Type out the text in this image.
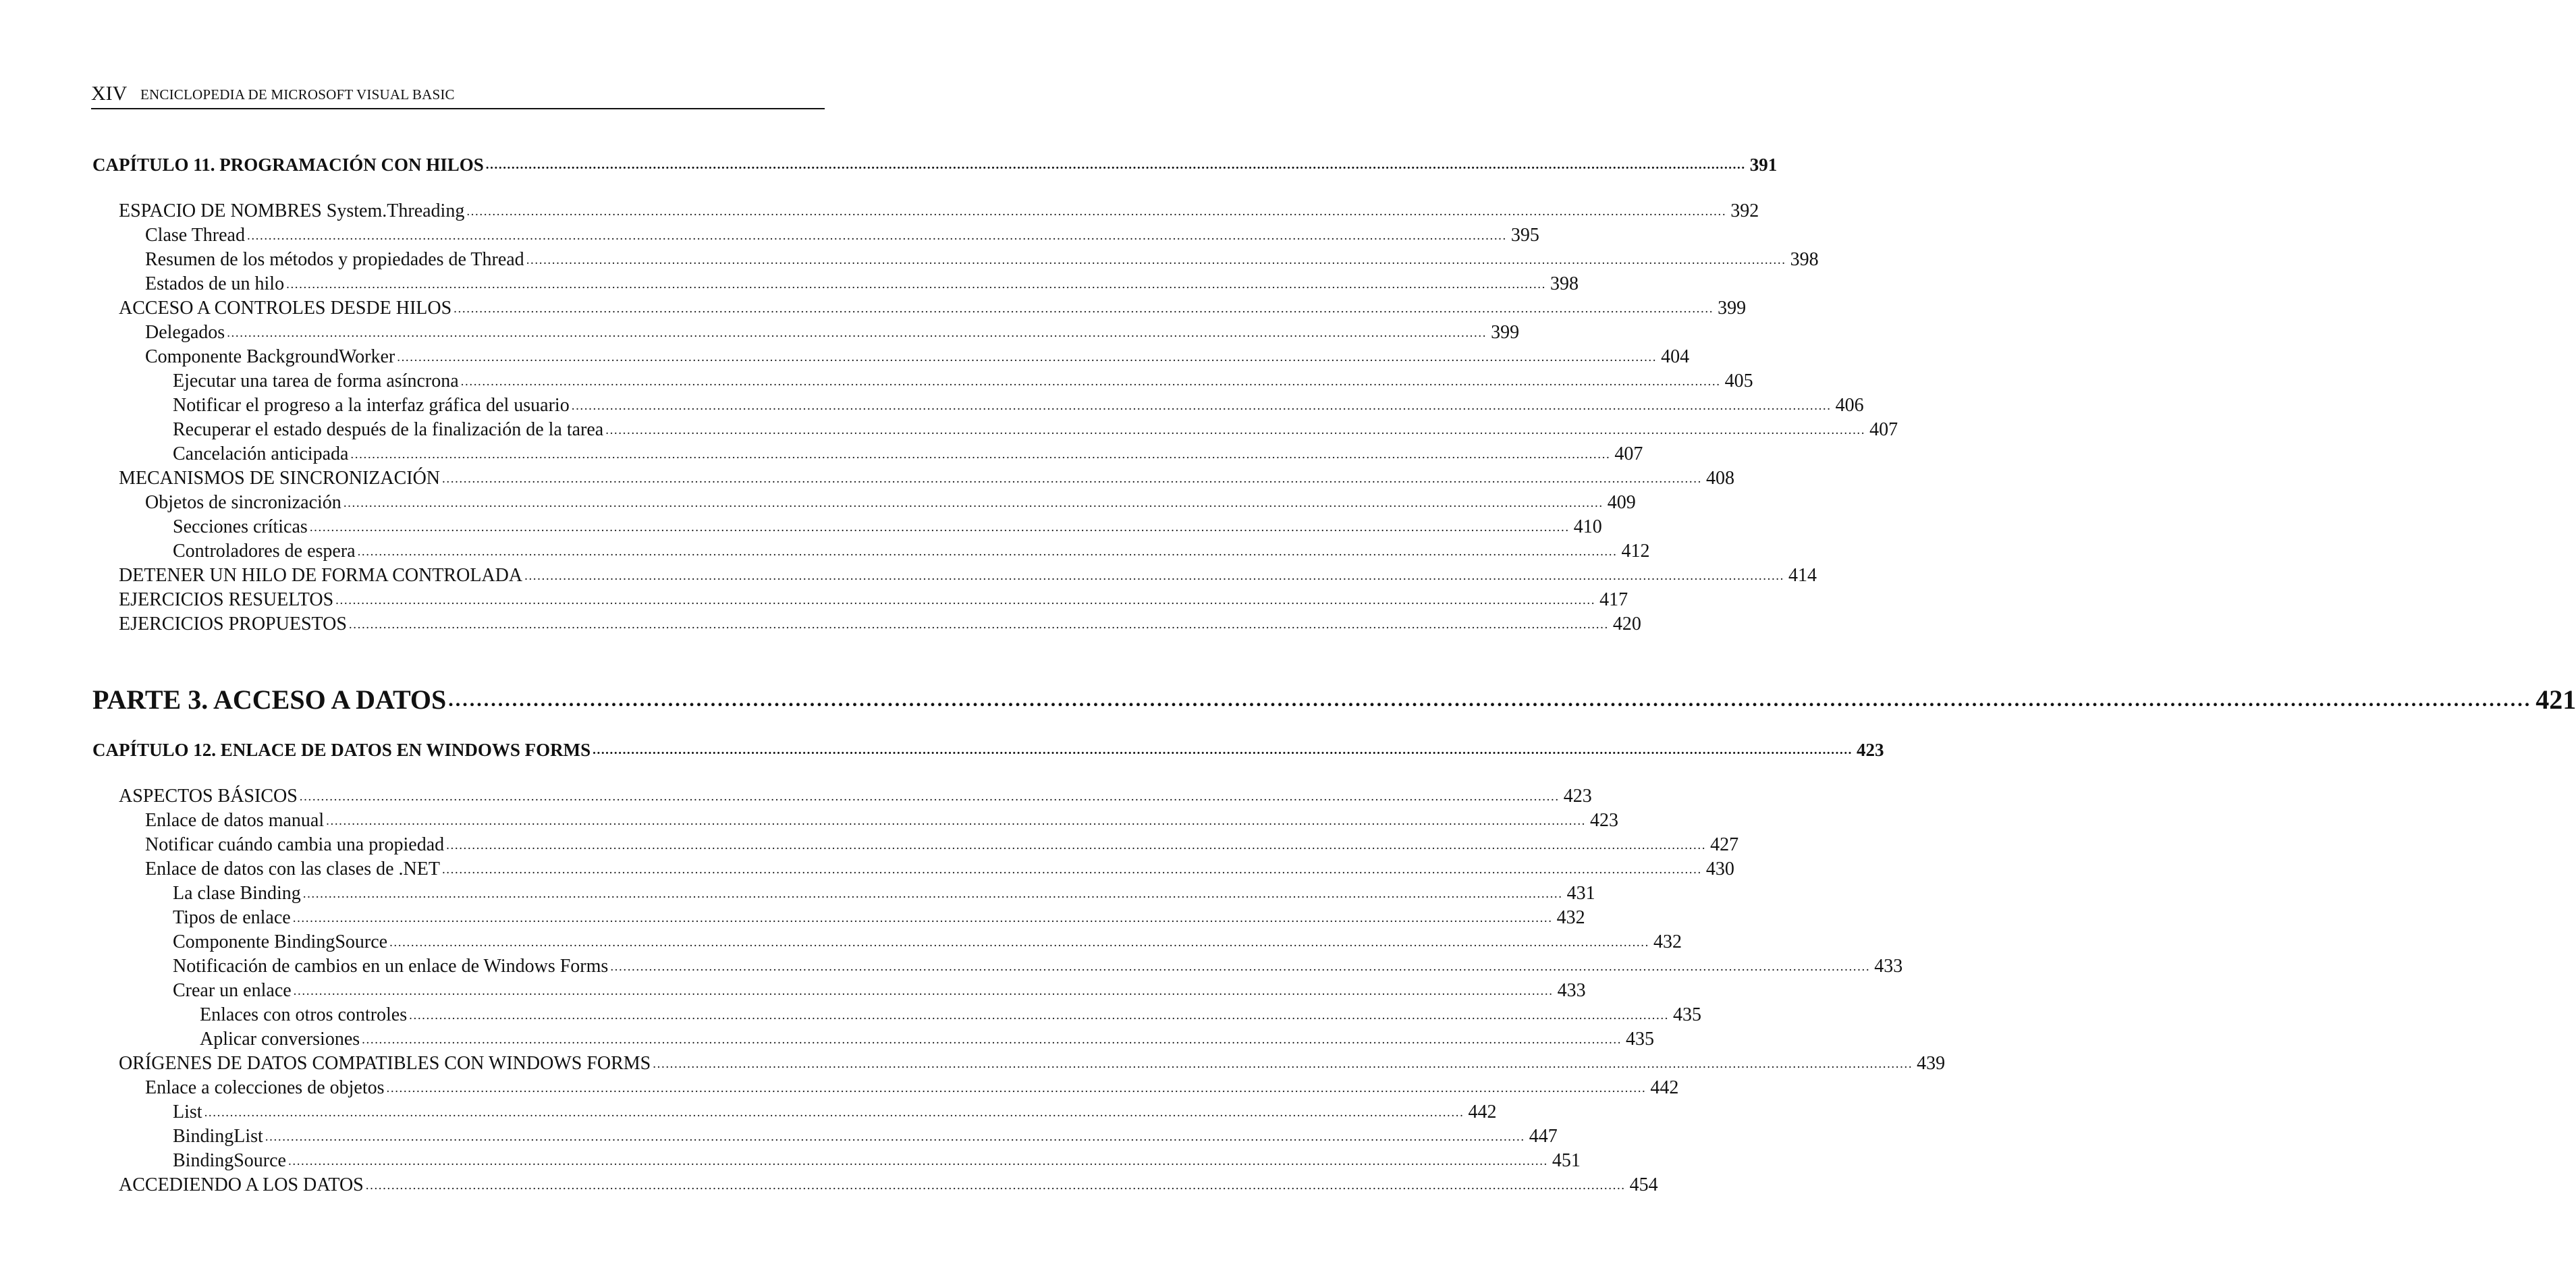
XIV ENCICLOPEDIA DE MICROSOFT VISUAL BASIC
CAPÍTULO 11. PROGRAMACIÓN CON HILOS ...................................................................................................................................................................................................................................................................................................... 391
ESPACIO DE NOMBRES System.Threading ...................................................................................................................................................................................................................................................................................................... 392
Clase Thread ...................................................................................................................................................................................................................................................................................................... 395
Resumen de los métodos y propiedades de Thread ...................................................................................................................................................................................................................................................................................................... 398
Estados de un hilo ...................................................................................................................................................................................................................................................................................................... 398
ACCESO A CONTROLES DESDE HILOS ...................................................................................................................................................................................................................................................................................................... 399
Delegados ...................................................................................................................................................................................................................................................................................................... 399
Componente BackgroundWorker ...................................................................................................................................................................................................................................................................................................... 404
Ejecutar una tarea de forma asíncrona ...................................................................................................................................................................................................................................................................................................... 405
Notificar el progreso a la interfaz gráfica del usuario ...................................................................................................................................................................................................................................................................................................... 406
Recuperar el estado después de la finalización de la tarea ...................................................................................................................................................................................................................................................................................................... 407
Cancelación anticipada ...................................................................................................................................................................................................................................................................................................... 407
MECANISMOS DE SINCRONIZACIÓN ...................................................................................................................................................................................................................................................................................................... 408
Objetos de sincronización ...................................................................................................................................................................................................................................................................................................... 409
Secciones críticas ...................................................................................................................................................................................................................................................................................................... 410
Controladores de espera ...................................................................................................................................................................................................................................................................................................... 412
DETENER UN HILO DE FORMA CONTROLADA ...................................................................................................................................................................................................................................................................................................... 414
EJERCICIOS RESUELTOS ...................................................................................................................................................................................................................................................................................................... 417
EJERCICIOS PROPUESTOS ...................................................................................................................................................................................................................................................................................................... 420
PARTE 3. ACCESO A DATOS ...................................................................................................................................................................................................................................................................................................... 421
CAPÍTULO 12. ENLACE DE DATOS EN WINDOWS FORMS ...................................................................................................................................................................................................................................................................................................... 423
ASPECTOS BÁSICOS ...................................................................................................................................................................................................................................................................................................... 423
Enlace de datos manual ...................................................................................................................................................................................................................................................................................................... 423
Notificar cuándo cambia una propiedad ...................................................................................................................................................................................................................................................................................................... 427
Enlace de datos con las clases de .NET ...................................................................................................................................................................................................................................................................................................... 430
La clase Binding ...................................................................................................................................................................................................................................................................................................... 431
Tipos de enlace ...................................................................................................................................................................................................................................................................................................... 432
Componente BindingSource ...................................................................................................................................................................................................................................................................................................... 432
Notificación de cambios en un enlace de Windows Forms ...................................................................................................................................................................................................................................................................................................... 433
Crear un enlace ...................................................................................................................................................................................................................................................................................................... 433
Enlaces con otros controles ...................................................................................................................................................................................................................................................................................................... 435
Aplicar conversiones ...................................................................................................................................................................................................................................................................................................... 435
ORÍGENES DE DATOS COMPATIBLES CON WINDOWS FORMS ...................................................................................................................................................................................................................................................................................................... 439
Enlace a colecciones de objetos ...................................................................................................................................................................................................................................................................................................... 442
List ...................................................................................................................................................................................................................................................................................................... 442
BindingList ...................................................................................................................................................................................................................................................................................................... 447
BindingSource ...................................................................................................................................................................................................................................................................................................... 451
ACCEDIENDO A LOS DATOS ...................................................................................................................................................................................................................................................................................................... 454
